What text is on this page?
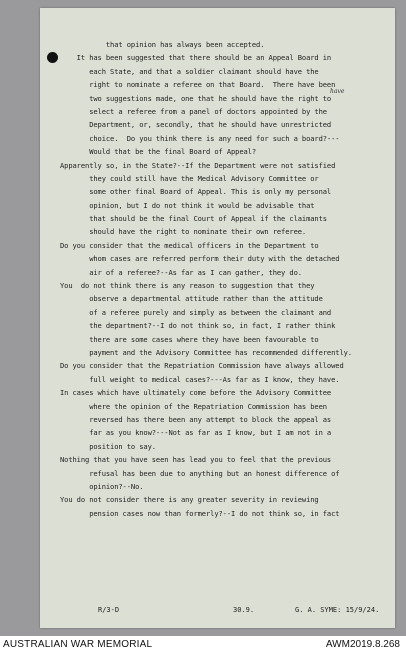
have
that opinion has always been accepted.
It has been suggested that there should be an Appeal Board in
each State, and that a soldier claimant should have the
right to nominate a referee on that Board.  There have been
two suggestions made, one that he should have the right to
select a referee from a panel of doctors appointed by the
Department, or, secondly, that he should have unrestricted
choice.  Do you think there is any need for such a board?---
Would that be the final Board of Appeal?
Apparently so, in the State?--If the Department were not satisfied
they could still have the Medical Advisory Committee or
some other final Board of Appeal. This is only my personal
opinion, but I do not think it would be advisable that
that should be the final Court of Appeal if the claimants
should have the right to nominate their own referee.
Do you consider that the medical officers in the Department to
whom cases are referred perform their duty with the detached
air of a referee?--As far as I can gather, they do.
You  do not think there is any reason to suggestion that they
observe a departmental attitude rather than the attitude
of a referee purely and simply as between the claimant and
the department?--I do not think so, in fact, I rather think
there are some cases where they have been favourable to
payment and the Advisory Committee has recommended differently.
Do you consider that the Repatriation Commission have always allowed
full weight to medical cases?---As far as I know, they have.
In cases which have ultimately come before the Advisory Committee
where the opinion of the Repatriation Commission has been
reversed has there been any attempt to block the appeal as
far as you know?---Not as far as I know, but I am not in a
position to say.
Nothing that you have seen has lead you to feel that the previous
refusal has been due to anything but an honest difference of
opinion?--No.
You do not consider there is any greater severity in reviewing
pension cases now than formerly?--I do not think so, in fact
R/3-D	30.9.	G. A. SYME: 15/9/24.
AUSTRALIAN WAR MEMORIAL	AWM2019.8.268
